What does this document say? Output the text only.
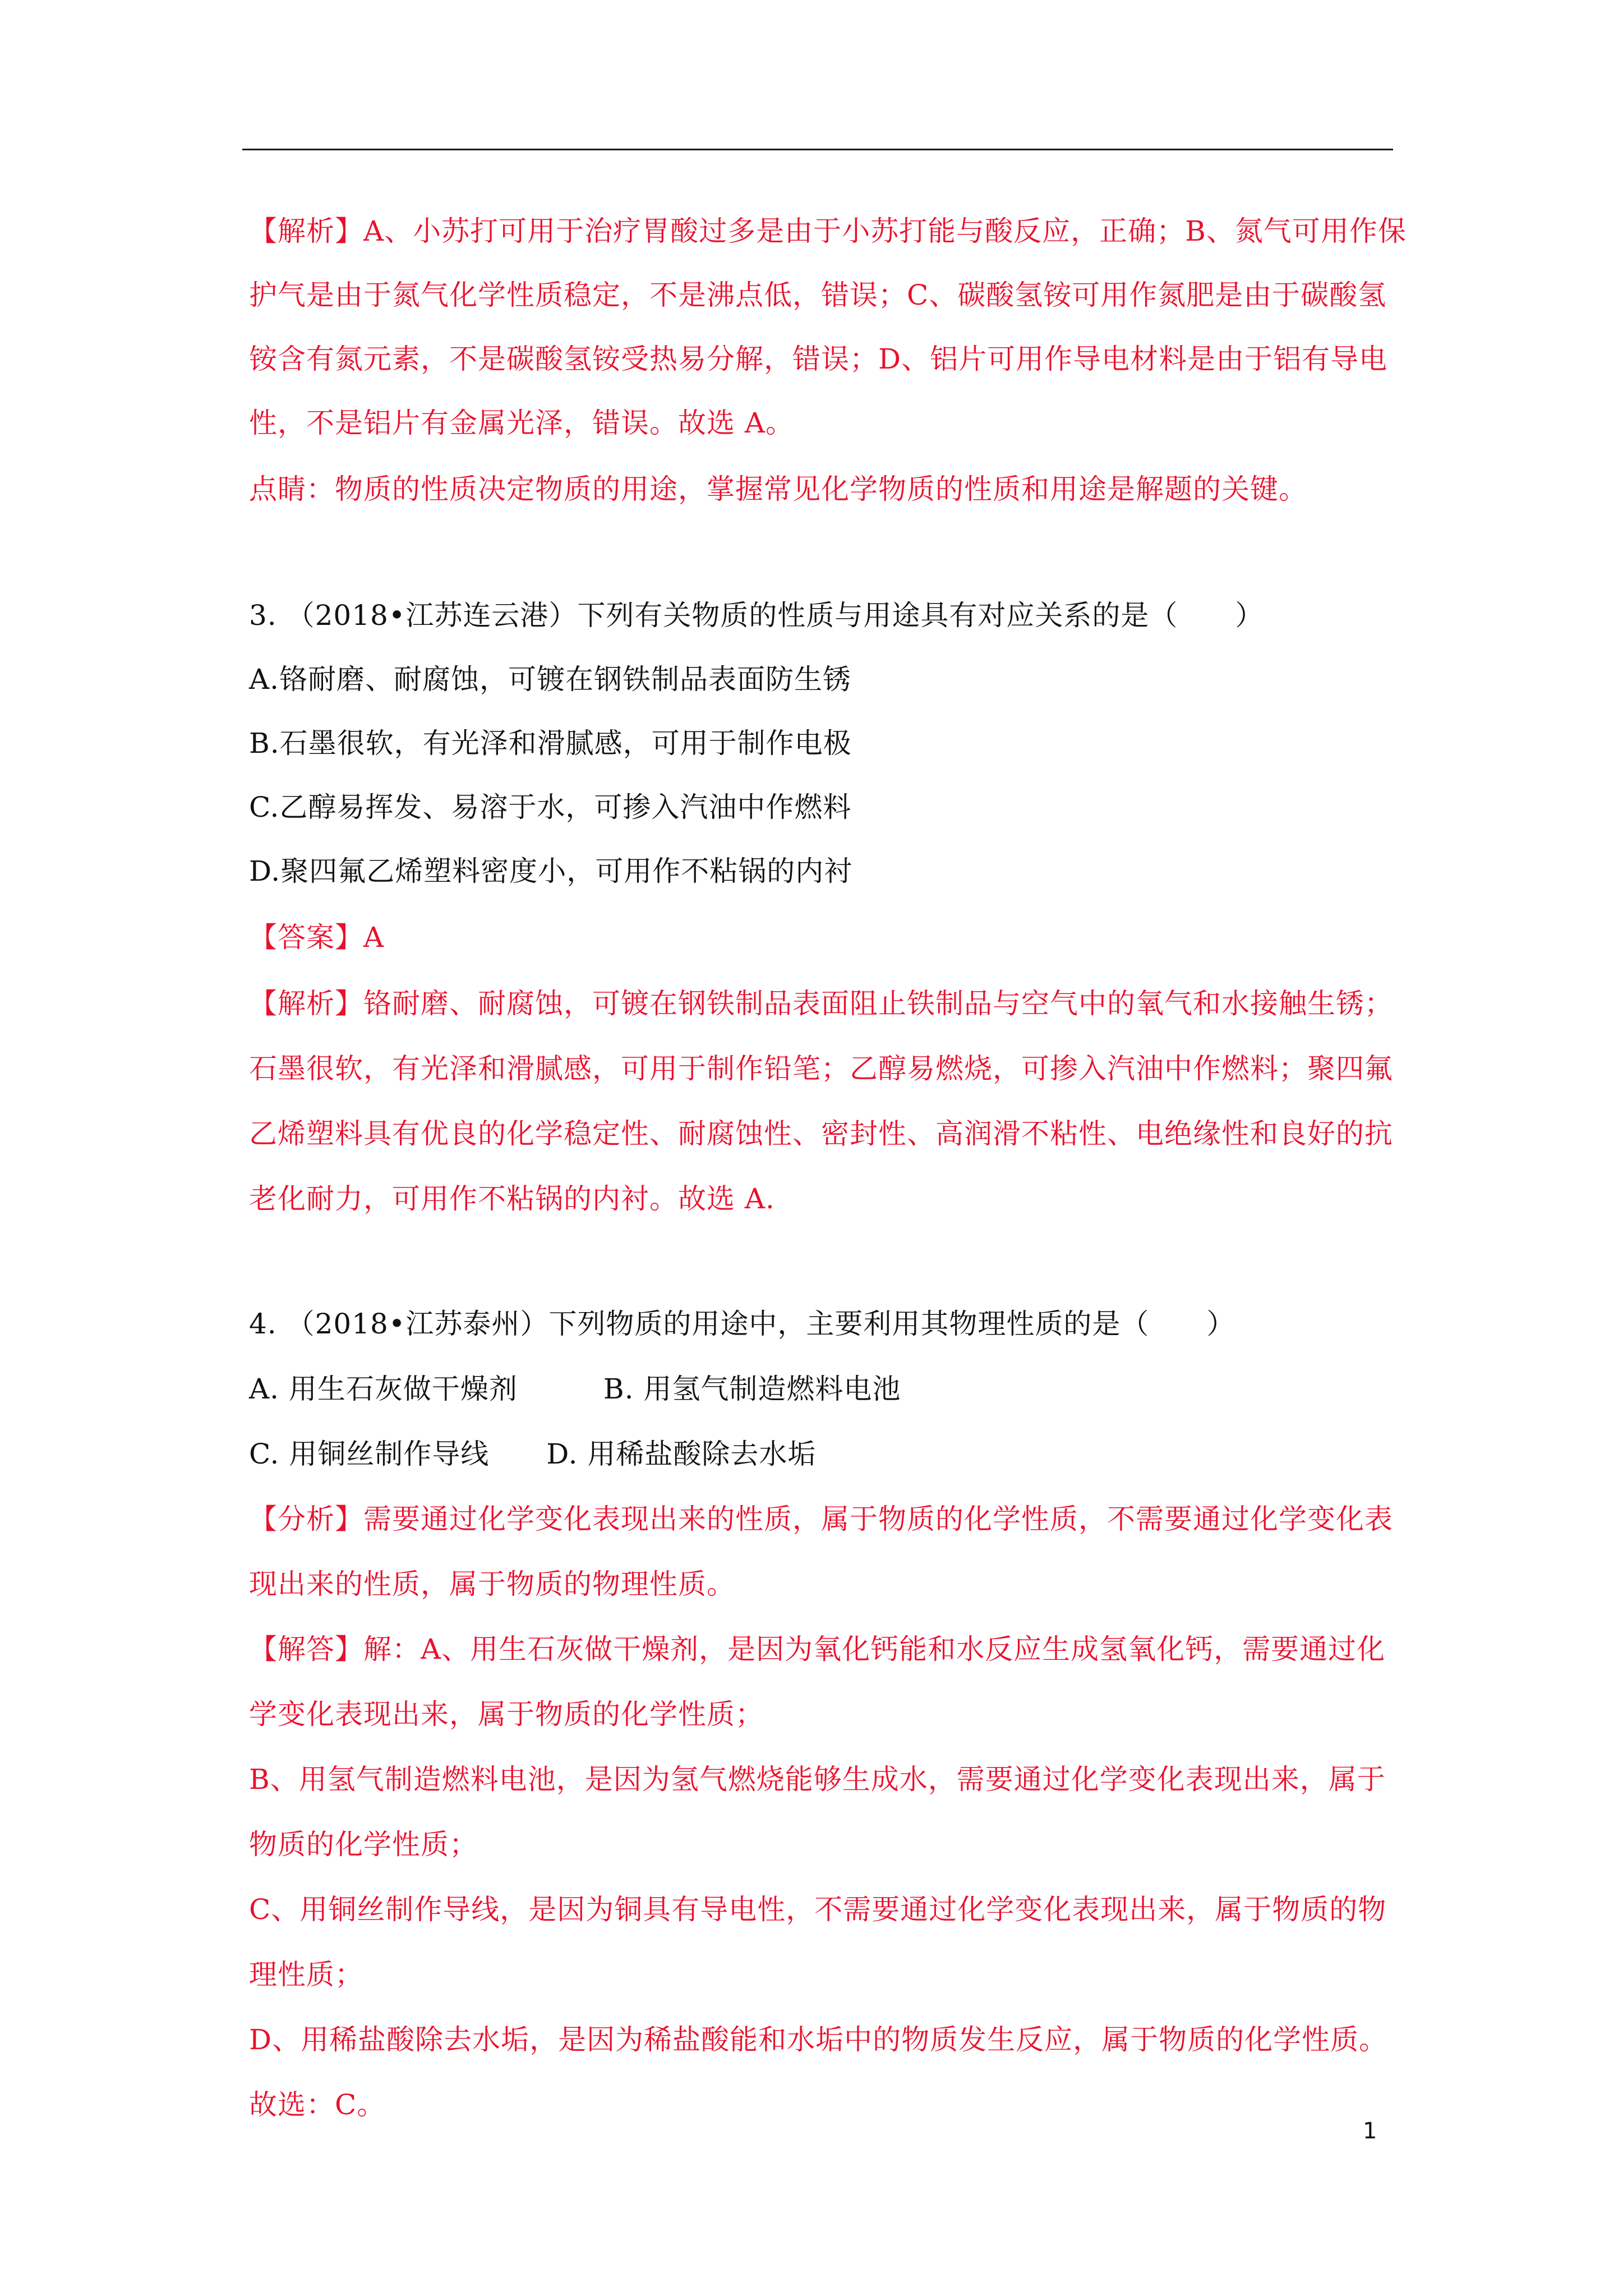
【解析】A、小苏打可用于治疗胃酸过多是由于小苏打能与酸反应，正确；B、氮气可用作保
护气是由于氮气化学性质稳定，不是沸点低，错误；C、碳酸氢铵可用作氮肥是由于碳酸氢
铵含有氮元素，不是碳酸氢铵受热易分解，错误；D、铝片可用作导电材料是由于铝有导电
性，不是铝片有金属光泽，错误。故选 A。
点睛：物质的性质决定物质的用途，掌握常见化学物质的性质和用途是解题的关键。
3. （2018•江苏连云港）下列有关物质的性质与用途具有对应关系的是（　　）
A.铬耐磨、耐腐蚀，可镀在钢铁制品表面防生锈
B.石墨很软，有光泽和滑腻感，可用于制作电极
C.乙醇易挥发、易溶于水，可掺入汽油中作燃料
D.聚四氟乙烯塑料密度小，可用作不粘锅的内衬
【答案】A
【解析】铬耐磨、耐腐蚀，可镀在钢铁制品表面阻止铁制品与空气中的氧气和水接触生锈；
石墨很软，有光泽和滑腻感，可用于制作铅笔；乙醇易燃烧，可掺入汽油中作燃料；聚四氟
乙烯塑料具有优良的化学稳定性、耐腐蚀性、密封性、高润滑不粘性、电绝缘性和良好的抗
老化耐力，可用作不粘锅的内衬。故选 A.
4. （2018•江苏泰州）下列物质的用途中，主要利用其物理性质的是（　　）
A. 用生石灰做干燥剂　　　B. 用氢气制造燃料电池
C. 用铜丝制作导线　　D. 用稀盐酸除去水垢
【分析】需要通过化学变化表现出来的性质，属于物质的化学性质，不需要通过化学变化表
现出来的性质，属于物质的物理性质。
【解答】解：A、用生石灰做干燥剂，是因为氧化钙能和水反应生成氢氧化钙，需要通过化
学变化表现出来，属于物质的化学性质；
B、用氢气制造燃料电池，是因为氢气燃烧能够生成水，需要通过化学变化表现出来，属于
物质的化学性质；
C、用铜丝制作导线，是因为铜具有导电性，不需要通过化学变化表现出来，属于物质的物
理性质；
D、用稀盐酸除去水垢，是因为稀盐酸能和水垢中的物质发生反应，属于物质的化学性质。
故选：C。
1
